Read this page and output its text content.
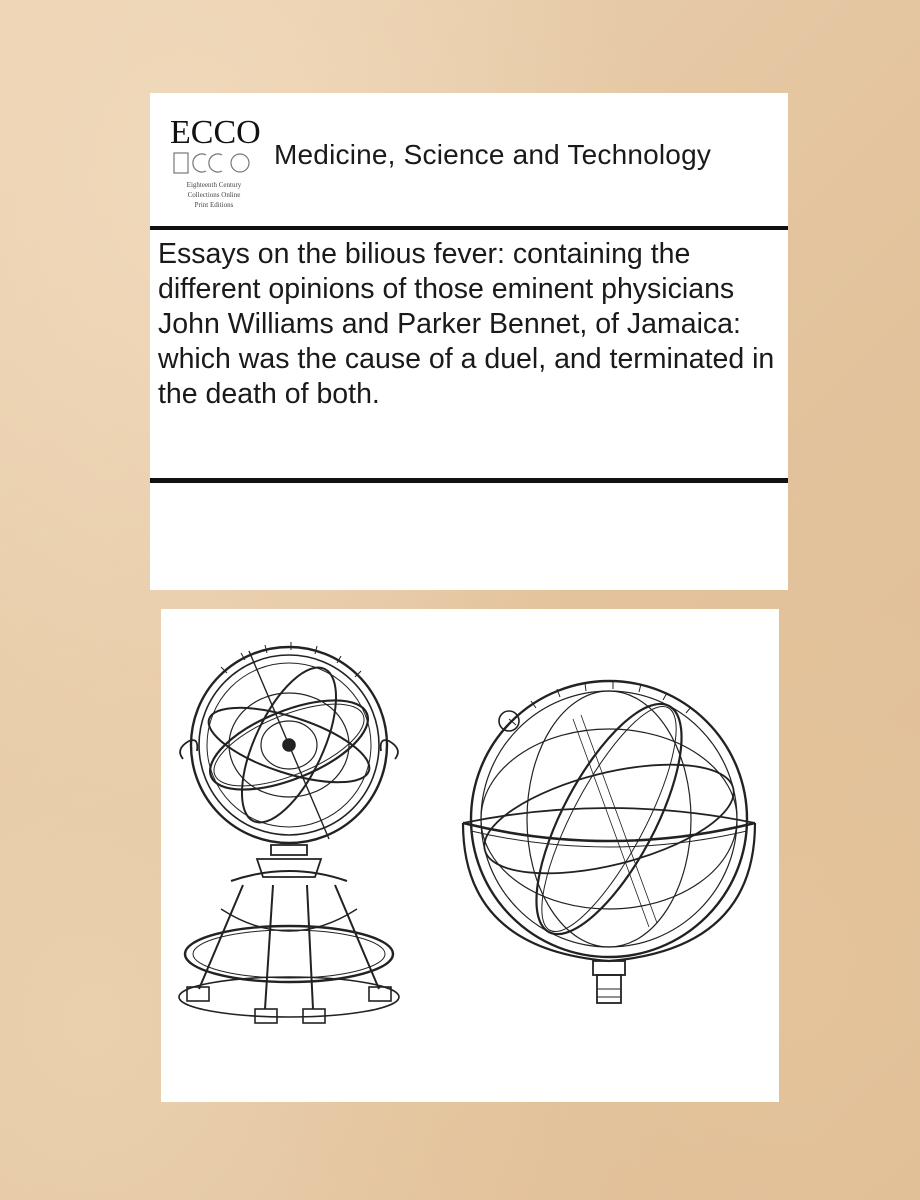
ECCO
Eighteenth Century
Collections Online
Print Editions
Medicine, Science and Technology
Essays on the bilious fever: containing the different opinions of those eminent physicians John Williams and Parker Bennet, of Jamaica: which was the cause of a duel, and terminated in the death of both.
